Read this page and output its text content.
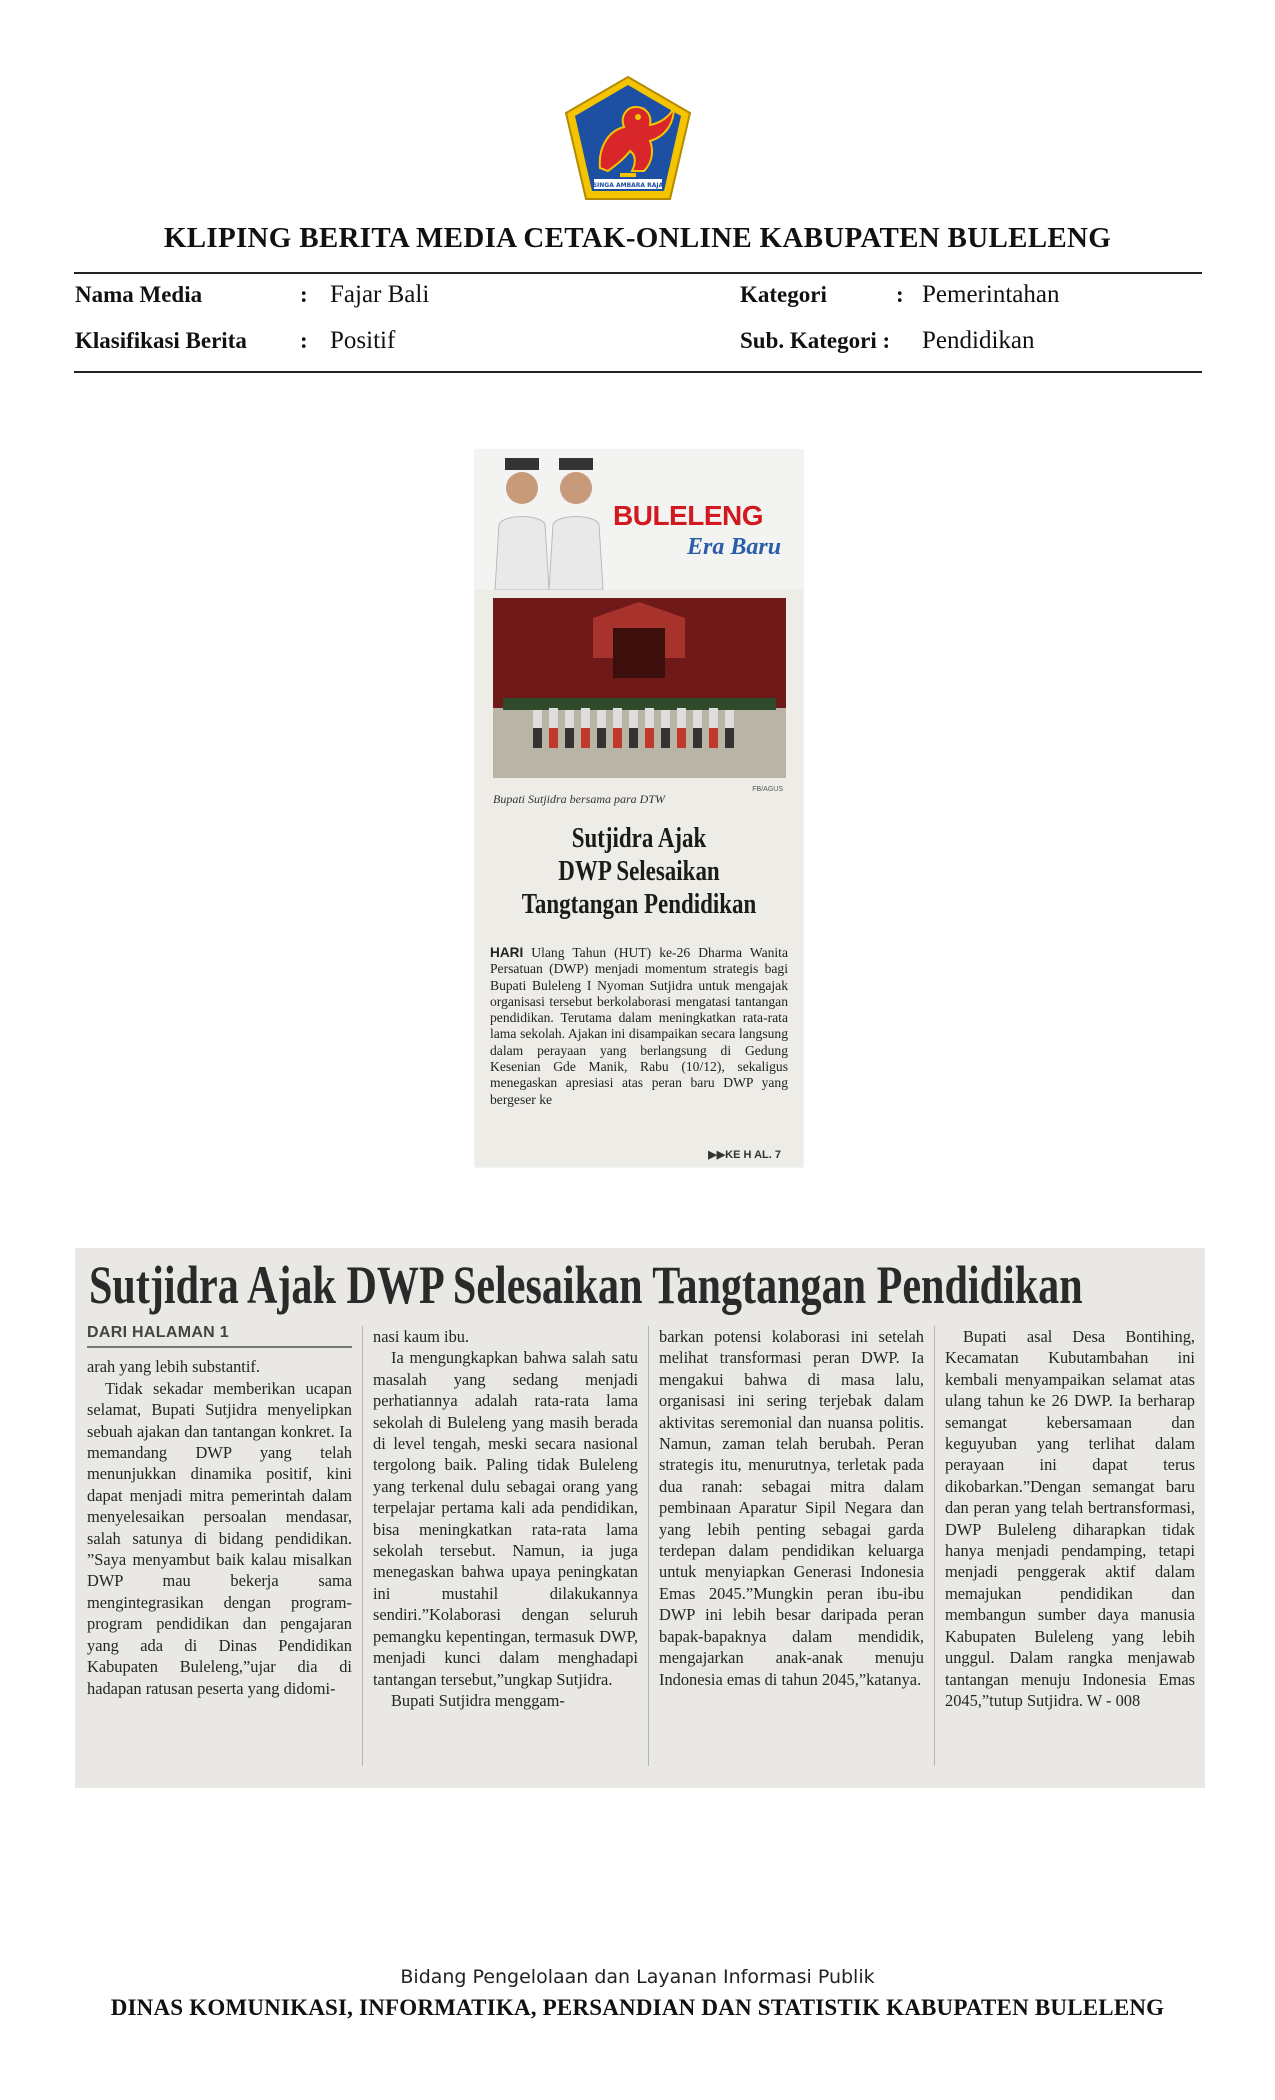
SINGA AMBARA RAJA
KLIPING BERITA MEDIA CETAK-ONLINE KABUPATEN BULELENG
Nama Media	: Fajar Bali	Kategori	: Pemerintahan
Klasifikasi Berita : Positif	Sub. Kategori : Pendidikan
BULELENG
Era Baru
Bupati Sutjidra bersama para DTW
FB/AGUS
Sutjidra Ajak
DWP Selesaikan
Tangtangan Pendidikan
HARI Ulang Tahun (HUT) ke-26 Dharma Wanita Persatuan (DWP) menjadi momentum strategis bagi Bupati Buleleng I Nyoman Sutjidra untuk mengajak organisasi tersebut berkolaborasi mengatasi tantangan pendidikan. Terutama dalam meningkatkan rata-rata lama sekolah. Ajakan ini disampaikan secara langsung dalam perayaan yang berlangsung di Gedung Kesenian Gde Manik, Rabu (10/12), sekaligus menegaskan apresiasi atas peran baru DWP yang bergeser ke
▶▶KE H AL. 7
Sutjidra Ajak DWP Selesaikan Tangtangan Pendidikan
DARI HALAMAN 1

arah yang lebih substantif.

Tidak sekadar memberikan ucapan selamat, Bupati Sutjidra menyelipkan sebuah ajakan dan tantangan konkret. Ia memandang DWP yang telah menunjukkan dinamika positif, kini dapat menjadi mitra pemerintah dalam menyelesaikan persoalan mendasar, salah satunya di bidang pendidikan. ”Saya menyambut baik kalau misalkan DWP mau bekerja sama mengintegrasikan dengan program-program pendidikan dan pengajaran yang ada di Dinas Pendidikan Kabupaten Buleleng,”ujar dia di hadapan ratusan peserta yang didomi-

nasi kaum ibu.

Ia mengungkapkan bahwa salah satu masalah yang sedang menjadi perhatiannya adalah rata-rata lama sekolah di Buleleng yang masih berada di level tengah, meski secara nasional tergolong baik. Paling tidak Buleleng yang terkenal dulu sebagai orang yang terpelajar pertama kali ada pendidikan, bisa meningkatkan rata-rata lama sekolah tersebut. Namun, ia juga menegaskan bahwa upaya peningkatan ini mustahil dilakukannya sendiri.”Kolaborasi dengan seluruh pemangku kepentingan, termasuk DWP, menjadi kunci dalam menghadapi tantangan tersebut,”ungkap Sutjidra.

Bupati Sutjidra menggam-

barkan potensi kolaborasi ini setelah melihat transformasi peran DWP. Ia mengakui bahwa di masa lalu, organisasi ini sering terjebak dalam aktivitas seremonial dan nuansa politis. Namun, zaman telah berubah. Peran strategis itu, menurutnya, terletak pada dua ranah: sebagai mitra dalam pembinaan Aparatur Sipil Negara dan yang lebih penting sebagai garda terdepan dalam pendidikan keluarga untuk menyiapkan Generasi Indonesia Emas 2045.”Mungkin peran ibu-ibu DWP ini lebih besar daripada peran bapak-bapaknya dalam mendidik, mengajarkan anak-anak menuju Indonesia emas di tahun 2045,”katanya.

Bupati asal Desa Bontihing, Kecamatan Kubutambahan ini kembali menyampaikan selamat atas ulang tahun ke 26 DWP. Ia berharap semangat kebersamaan dan keguyuban yang terlihat dalam perayaan ini dapat terus dikobarkan.”Dengan semangat baru dan peran yang telah bertransformasi, DWP Buleleng diharapkan tidak hanya menjadi pendamping, tetapi menjadi penggerak aktif dalam memajukan pendidikan dan membangun sumber daya manusia Kabupaten Buleleng yang lebih unggul. Dalam rangka menjawab tantangan menuju Indonesia Emas 2045,”tutup Sutjidra. W - 008

Bidang Pengelolaan dan Layanan Informasi Publik
DINAS KOMUNIKASI, INFORMATIKA, PERSANDIAN DAN STATISTIK KABUPATEN BULELENG
